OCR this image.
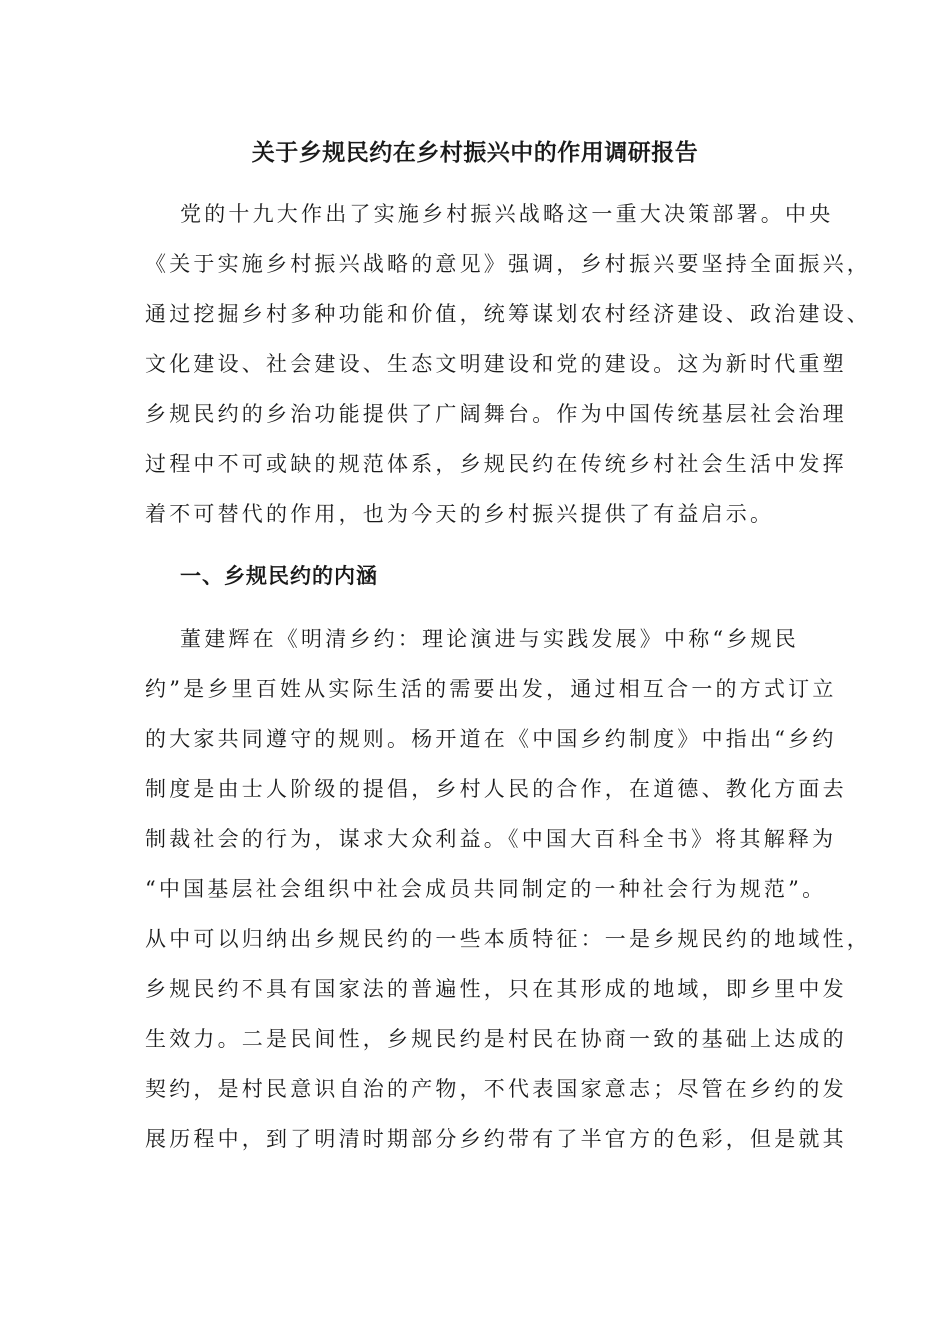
关于乡规民约在乡村振兴中的作用调研报告
党的十九大作出了实施乡村振兴战略这一重大决策部署。中央
《关于实施乡村振兴战略的意见》强调，乡村振兴要坚持全面振兴，
通过挖掘乡村多种功能和价值，统筹谋划农村经济建设、政治建设、
文化建设、社会建设、生态文明建设和党的建设。这为新时代重塑
乡规民约的乡治功能提供了广阔舞台。作为中国传统基层社会治理
过程中不可或缺的规范体系，乡规民约在传统乡村社会生活中发挥
着不可替代的作用，也为今天的乡村振兴提供了有益启示。
一、乡规民约的内涵
董建辉在《明清乡约：理论演进与实践发展》中称“乡规民
约”是乡里百姓从实际生活的需要出发，通过相互合一的方式订立
的大家共同遵守的规则。杨开道在《中国乡约制度》中指出“乡约
制度是由士人阶级的提倡，乡村人民的合作，在道德、教化方面去
制裁社会的行为，谋求大众利益。《中国大百科全书》将其解释为
“中国基层社会组织中社会成员共同制定的一种社会行为规范”。
从中可以归纳出乡规民约的一些本质特征：一是乡规民约的地域性，
乡规民约不具有国家法的普遍性，只在其形成的地域，即乡里中发
生效力。二是民间性，乡规民约是村民在协商一致的基础上达成的
契约，是村民意识自治的产物，不代表国家意志；尽管在乡约的发
展历程中，到了明清时期部分乡约带有了半官方的色彩，但是就其
